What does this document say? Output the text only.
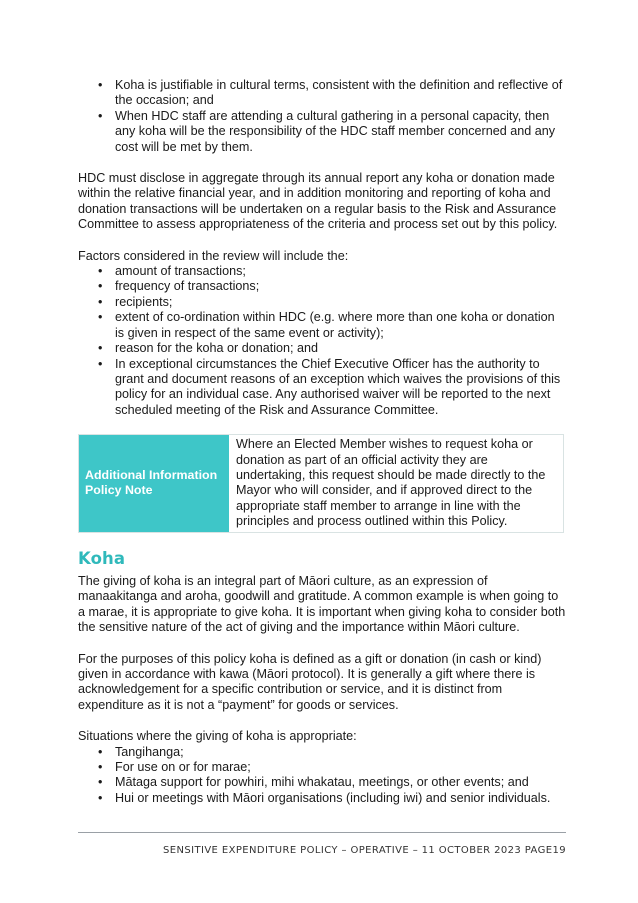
• Koha is justifiable in cultural terms, consistent with the definition and reflective of the occasion; and
• When HDC staff are attending a cultural gathering in a personal capacity, then any koha will be the responsibility of the HDC staff member concerned and any cost will be met by them.

HDC must disclose in aggregate through its annual report any koha or donation made within the relative financial year, and in addition monitoring and reporting of koha and donation transactions will be undertaken on a regular basis to the Risk and Assurance Committee to assess appropriateness of the criteria and process set out by this policy.

Factors considered in the review will include the:

• amount of transactions;
• frequency of transactions;
• recipients;
• extent of co-ordination within HDC (e.g. where more than one koha or donation is given in respect of the same event or activity);
• reason for the koha or donation; and
• In exceptional circumstances the Chief Executive Officer has the authority to grant and document reasons of an exception which waives the provisions of this policy for an individual case. Any authorised waiver will be reported to the next scheduled meeting of the Risk and Assurance Committee.
Additional Information
Policy Note
Where an Elected Member wishes to request koha or donation as part of an official activity they are undertaking, this request should be made directly to the Mayor who will consider, and if approved direct to the appropriate staff member to arrange in line with the principles and process outlined within this Policy.
Koha

The giving of koha is an integral part of Māori culture, as an expression of manaakitanga and aroha, goodwill and gratitude. A common example is when going to a marae, it is appropriate to give koha. It is important when giving koha to consider both the sensitive nature of the act of giving and the importance within Māori culture.

For the purposes of this policy koha is defined as a gift or donation (in cash or kind) given in accordance with kawa (Māori protocol). It is generally a gift where there is acknowledgement for a specific contribution or service, and it is distinct from expenditure as it is not a “payment” for goods or services.

Situations where the giving of koha is appropriate:

• Tangihanga;
• For use on or for marae;
• Mātaga support for powhiri, mihi whakatau, meetings, or other events; and
• Hui or meetings with Māori organisations (including iwi) and senior individuals.
SENSITIVE EXPENDITURE POLICY – OPERATIVE – 11 OCTOBER 2023 PAGE19
